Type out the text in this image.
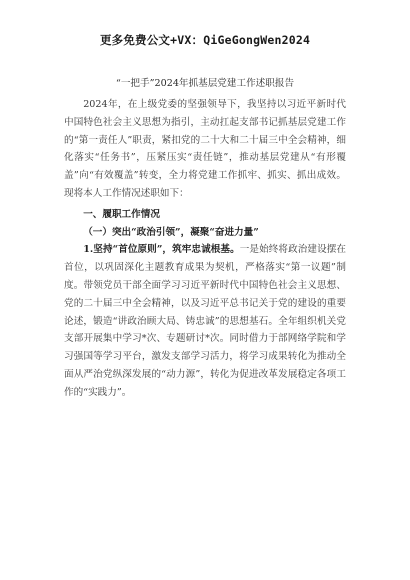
更多免费公文+VX：QiGeGongWen2024
“一把手”2024年抓基层党建工作述职报告

2024年，在上级党委的坚强领导下，我坚持以习近平新时代中国特色社会主义思想为指引，主动扛起支部书记抓基层党建工作的“第一责任人”职责，紧扣党的二十大和二十届三中全会精神，细化落实“任务书”，压紧压实“责任链”，推动基层党建从“有形覆盖”向“有效覆盖”转变，全力将党建工作抓牢、抓实、抓出成效。现将本人工作情况述职如下：

一、履职工作情况

（一）突出“政治引领”，凝聚“奋进力量”

1.坚持“首位原则”，筑牢忠诚根基。一是始终将政治建设摆在首位，以巩固深化主题教育成果为契机，严格落实“第一议题”制度。带领党员干部全面学习习近平新时代中国特色社会主义思想、党的二十届三中全会精神，以及习近平总书记关于党的建设的重要论述，锻造“讲政治顾大局、铸忠诚”的思想基石。全年组织机关党支部开展集中学习*次、专题研讨*次。同时借力于部网络学院和学习强国等学习平台，激发支部学习活力，将学习成果转化为推动全面从严治党纵深发展的“动力源”，转化为促进改革发展稳定各项工作的“实践力”。
